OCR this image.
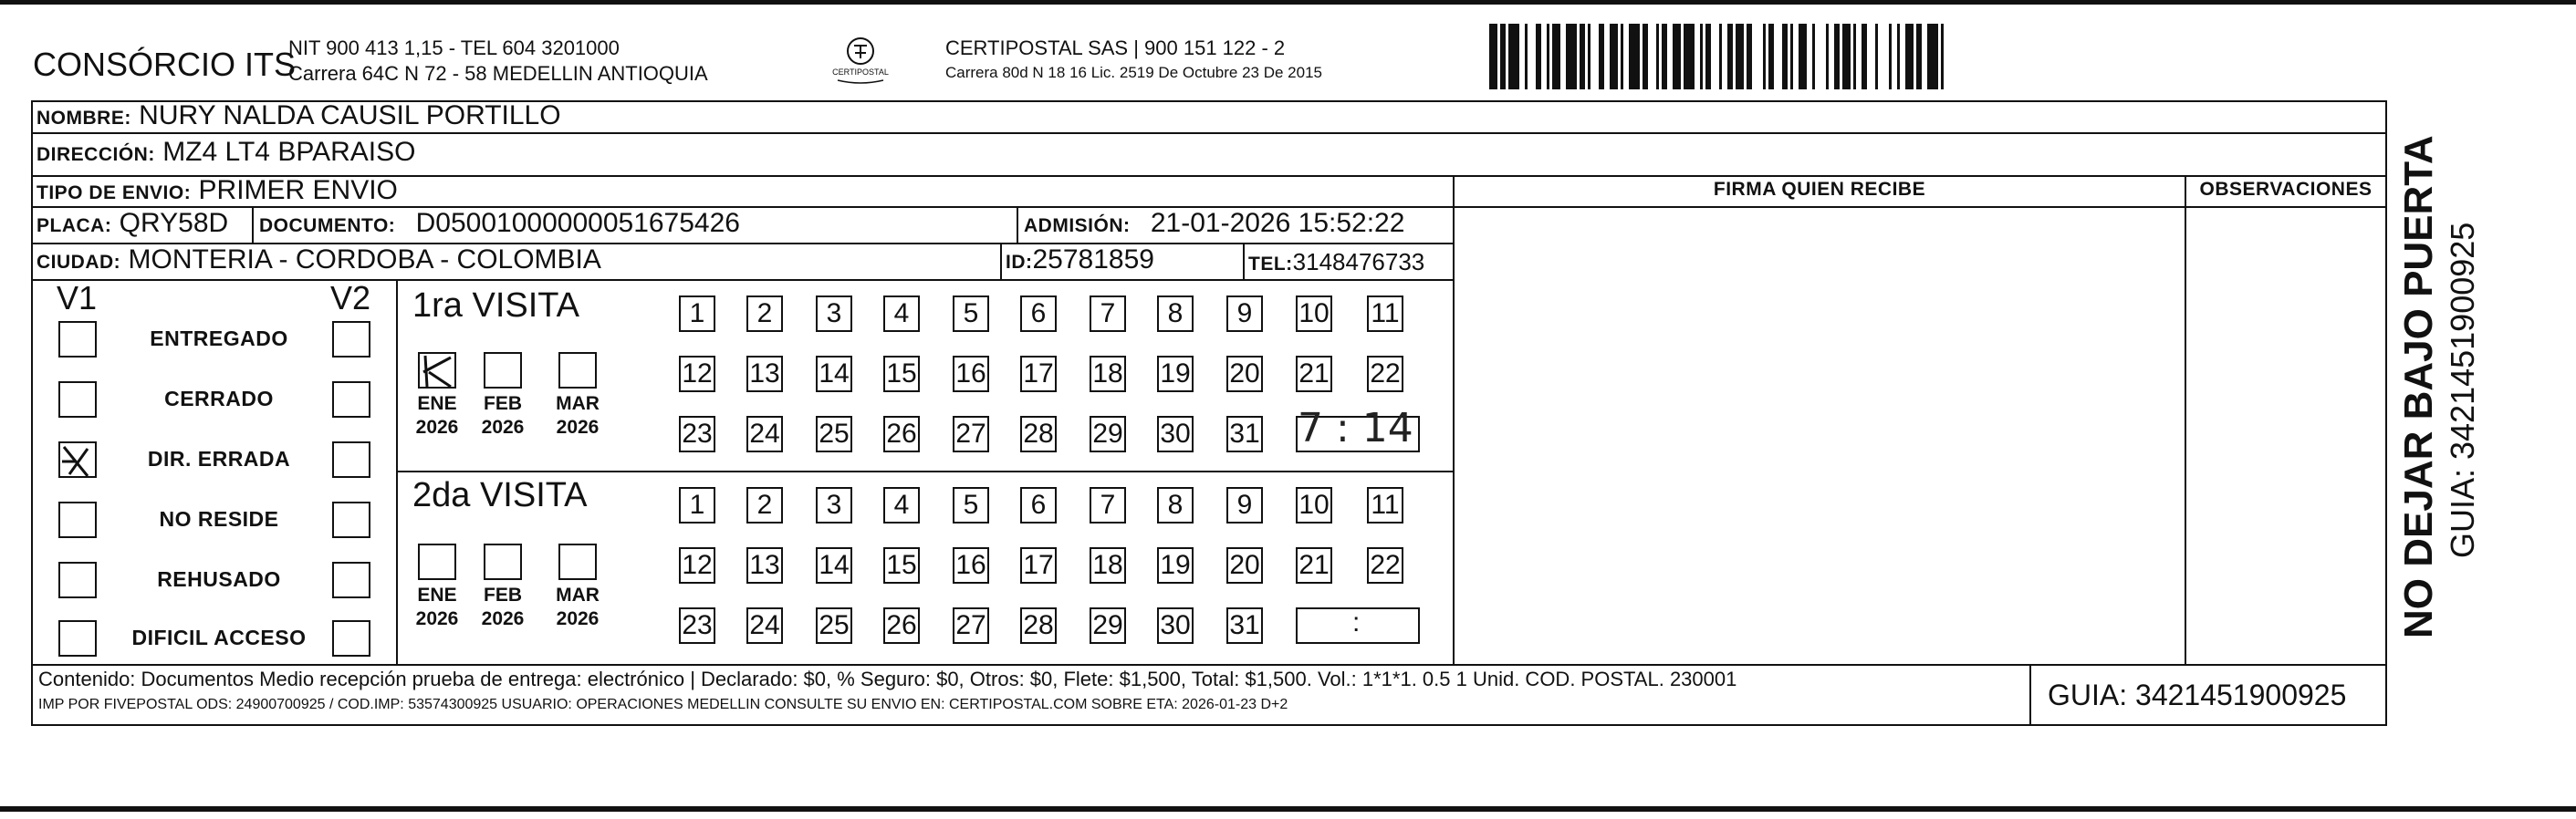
CONSÓRCIO ITS
NIT 900 413 1,15 - TEL 604 3201000
Carrera 64C N 72 - 58 MEDELLIN ANTIOQUIA	CERTIPOSTAL
CERTIPOSTAL SAS | 900 151 122 - 2
Carrera 80d N 18 16 Lic. 2519 De Octubre 23 De 2015
NOMBRE: NURY NALDA CAUSIL PORTILLO
DIRECCIÓN: MZ4 LT4 BPARAISO
TIPO DE ENVIO: PRIMER ENVIO
PLACA: QRY58D DOCUMENTO: D05001000000051675426	ADMISIÓN: 21-01-2026 15:52:22
CIUDAD: MONTERIA - CORDOBA - COLOMBIA	ID:25781859	TEL:3148476733
FIRMA QUIEN RECIBE	OBSERVACIONES
V1	V2
ENTREGADO
CERRADO
DIR. ERRADA
NO RESIDE
REHUSADO
DIFICIL ACCESO
1ra VISITA
2da VISITA
ENE
2026
FEB
2026
MAR
2026
ENE
2026
FEB
2026
MAR
2026
1	2	3	4	5	6	7	8	9	10 11
12 13 14 15 16 17 18 19 20 21 22
23 24 25 26 27 28 29 30 31
1	2	3	4	5	6	7	8	9	10 11
12 13 14 15 16 17 18 19 20 21 22
23 24 25 26 27 28 29 30 31
7 : 14
:
Contenido: Documentos Medio recepción prueba de entrega: electrónico | Declarado: $0, % Seguro: $0, Otros: $0, Flete: $1,500, Total: $1,500. Vol.: 1*1*1. 0.5 1 Unid. COD. POSTAL. 230001
IMP POR FIVEPOSTAL ODS: 24900700925 / COD.IMP: 53574300925 USUARIO: OPERACIONES MEDELLIN CONSULTE SU ENVIO EN: CERTIPOSTAL.COM SOBRE ETA: 2026-01-23 D+2	GUIA: 3421451900925
NO DEJAR BAJO PUERTA GUIA: 3421451900925
